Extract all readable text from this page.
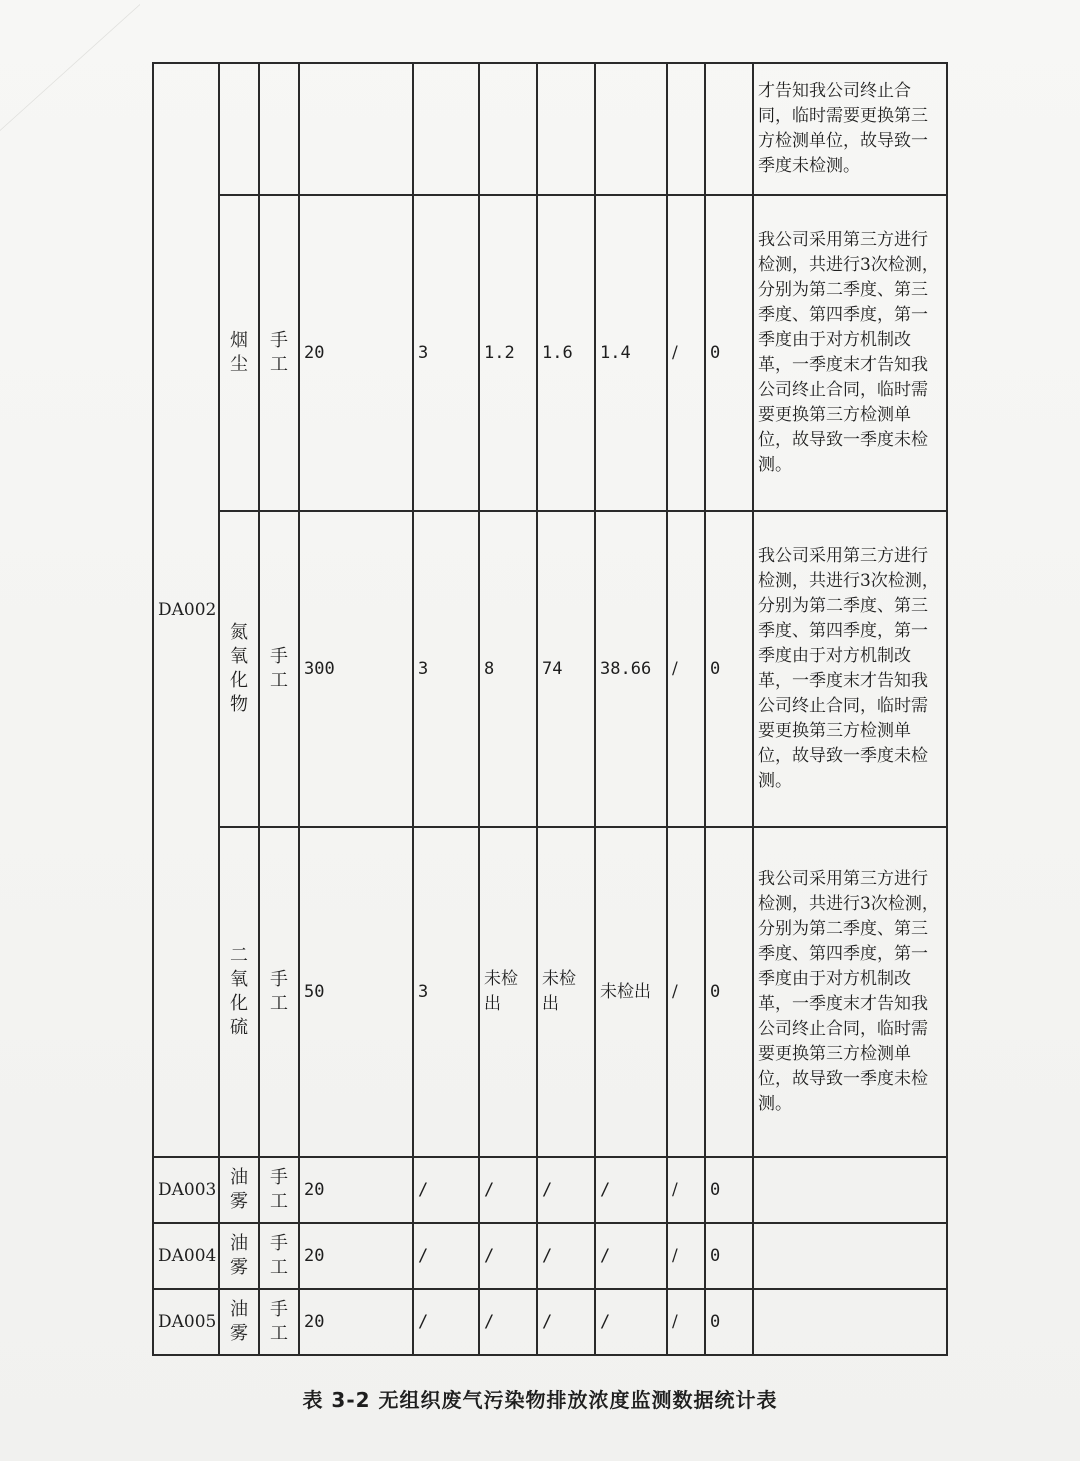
DA002										才告知我公司终止合同，临时需要更换第三方检测单位，故导致一季度未检测。

	烟尘	手工	20	3	1.2	1.6	1.4	/	0	我公司采用第三方进行检测，共进行3次检测，分别为第二季度、第三季度、第四季度，第一季度由于对方机制改革，一季度末才告知我公司终止合同，临时需要更换第三方检测单位，故导致一季度未检测。

	氮氧化物	手工	300	3	8	74	38.66	/	0	我公司采用第三方进行检测，共进行3次检测，分别为第二季度、第三季度、第四季度，第一季度由于对方机制改革，一季度末才告知我公司终止合同，临时需要更换第三方检测单位，故导致一季度未检测。

	二氧化硫	手工	50	3	未检出	未检出	未检出	/	0	我公司采用第三方进行检测，共进行3次检测，分别为第二季度、第三季度、第四季度，第一季度由于对方机制改革，一季度末才告知我公司终止合同，临时需要更换第三方检测单位，故导致一季度未检测。
DA003	油雾	手工	20	/	/	/	/	/	0	
DA004	油雾	手工	20	/	/	/	/	/	0	
DA005	油雾	手工	20	/	/	/	/	/	0	
表 3-2 无组织废气污染物排放浓度监测数据统计表
